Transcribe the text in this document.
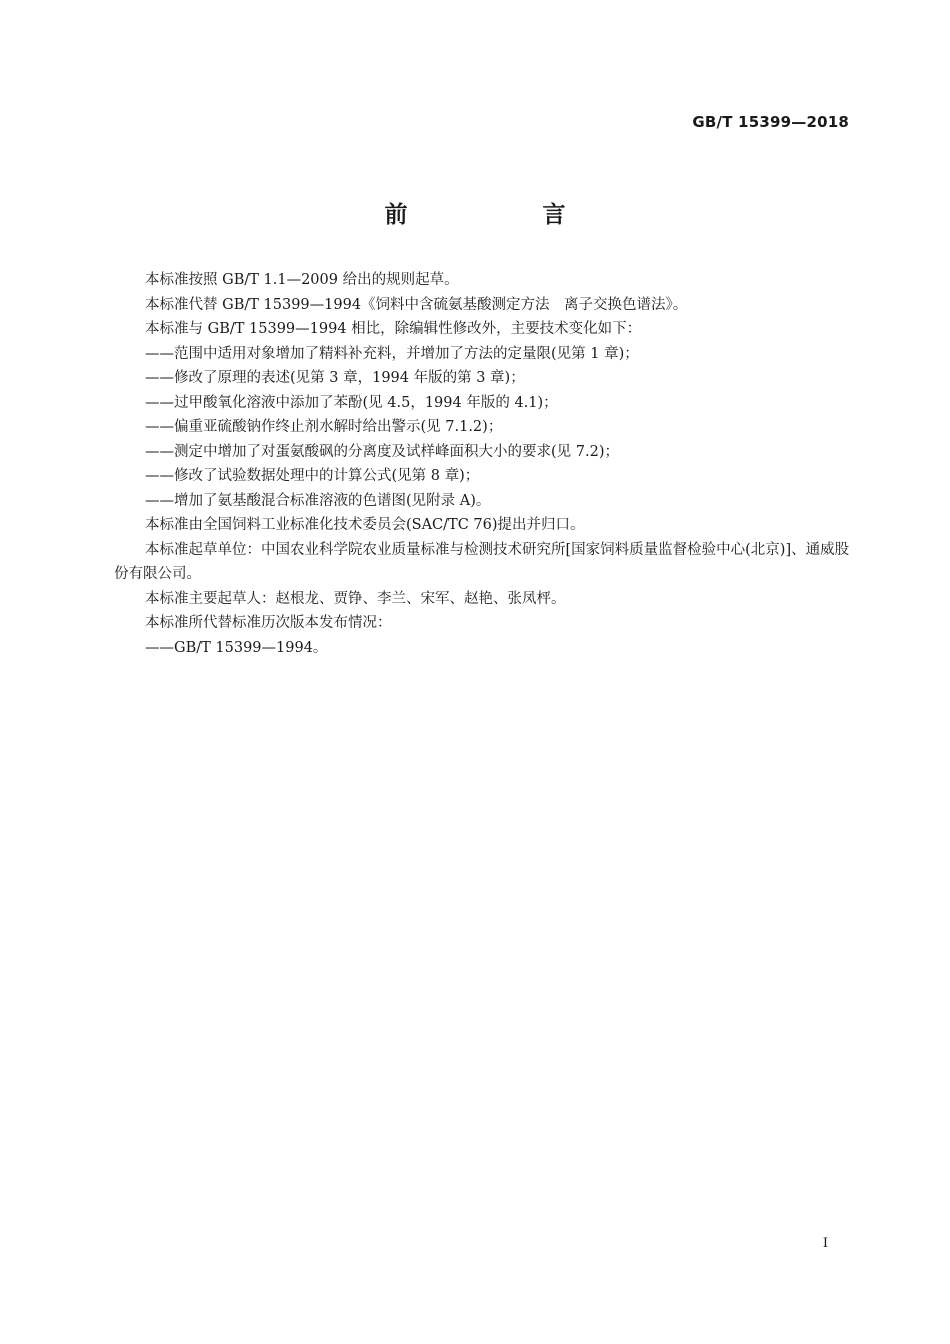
GB/T 15399—2018
前　言

本标准按照 GB/T 1.1—2009 给出的规则起草。

本标准代替 GB/T 15399—1994《饲料中含硫氨基酸测定方法　离子交换色谱法》。

本标准与 GB/T 15399—1994 相比，除编辑性修改外，主要技术变化如下：

——范围中适用对象增加了精料补充料，并增加了方法的定量限(见第 1 章)；

——修改了原理的表述(见第 3 章，1994 年版的第 3 章)；

——过甲酸氧化溶液中添加了苯酚(见 4.5，1994 年版的 4.1)；

——偏重亚硫酸钠作终止剂水解时给出警示(见 7.1.2)；

——测定中增加了对蛋氨酸砜的分离度及试样峰面积大小的要求(见 7.2)；

——修改了试验数据处理中的计算公式(见第 8 章)；

——增加了氨基酸混合标准溶液的色谱图(见附录 A)。

本标准由全国饲料工业标准化技术委员会(SAC/TC 76)提出并归口。

本标准起草单位：中国农业科学院农业质量标准与检测技术研究所[国家饲料质量监督检验中心(北京)]、通威股份有限公司。

本标准主要起草人：赵根龙、贾铮、李兰、宋军、赵艳、张凤枰。

本标准所代替标准历次版本发布情况：

——GB/T 15399—1994。

I
